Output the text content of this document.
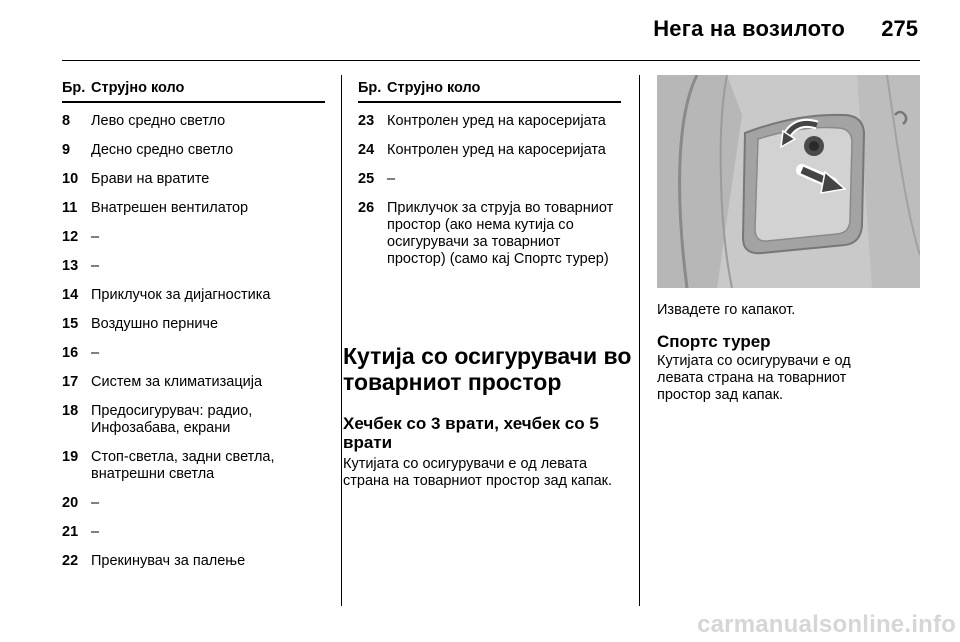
Нега на возилото	275
Бр. Струјно коло
8	Лево средно светло
9	Десно средно светло
10 Брави на вратите
11 Внатрешен вентилатор
12 –
13 –
14 Приклучок за дијагностика
15 Воздушно перниче
16 –
17 Систем за климатизација
18 Предосигурувач: радио, Инфозабава, екрани
19 Стоп-светла, задни светла, внатрешни светла
20 –
21 –
22 Прекинувач за палење
Бр. Струјно коло
23 Контролен уред на каросеријата
24 Контролен уред на каросеријата
25 –
26 Приклучок за струја во товарниот простор (ако нема кутија со осигурувачи за товарниот простор) (само кај Спортс турер)
Кутија со осигурувачи во товарниот простор
Хечбек со 3 врати, хечбек со 5 врати
Кутијата со осигурувачи е од левата страна на товарниот простор зад капак.
Извадете го капакот.
Спортс турер
Кутијата со осигурувачи е од левата страна на товарниот простор зад капак.
carmanualsonline.info
